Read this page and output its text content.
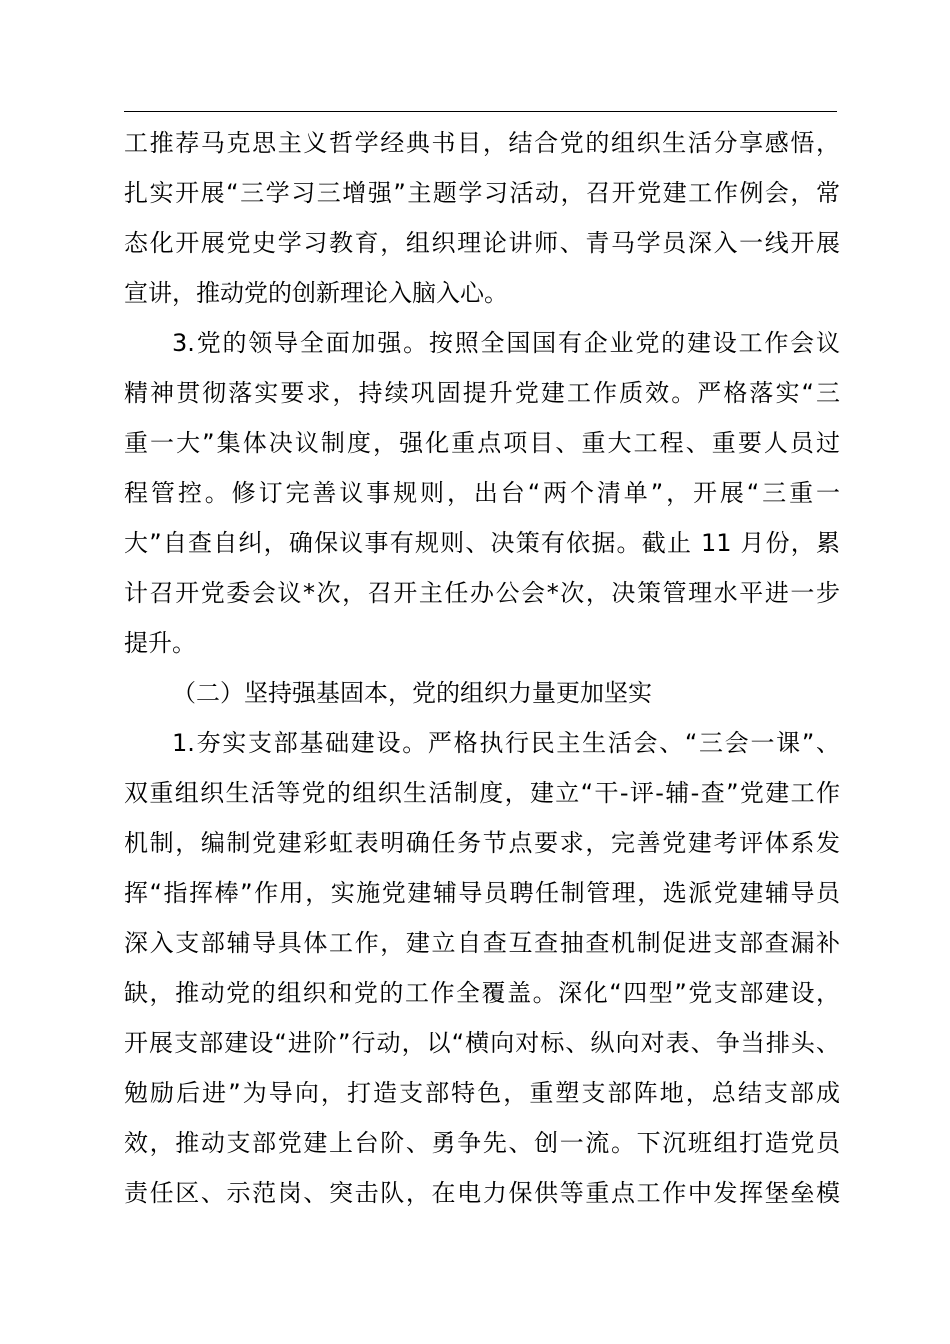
工推荐马克思主义哲学经典书目，结合党的组织生活分享感悟，
扎实开展“三学习三增强”主题学习活动，召开党建工作例会，常
态化开展党史学习教育，组织理论讲师、青马学员深入一线开展
宣讲，推动党的创新理论入脑入心。
3.党的领导全面加强。按照全国国有企业党的建设工作会议
精神贯彻落实要求，持续巩固提升党建工作质效。严格落实“三
重一大”集体决议制度，强化重点项目、重大工程、重要人员过
程管控。修订完善议事规则，出台“两个清单”，开展“三重一
大”自查自纠，确保议事有规则、决策有依据。截止 11 月份，累
计召开党委会议*次，召开主任办公会*次，决策管理水平进一步
提升。
（二）坚持强基固本，党的组织力量更加坚实
1.夯实支部基础建设。严格执行民主生活会、“三会一课”、
双重组织生活等党的组织生活制度，建立“干-评-辅-查”党建工作
机制，编制党建彩虹表明确任务节点要求，完善党建考评体系发
挥“指挥棒”作用，实施党建辅导员聘任制管理，选派党建辅导员
深入支部辅导具体工作，建立自查互查抽查机制促进支部查漏补
缺，推动党的组织和党的工作全覆盖。深化“四型”党支部建设，
开展支部建设“进阶”行动，以“横向对标、纵向对表、争当排头、
勉励后进”为导向，打造支部特色，重塑支部阵地，总结支部成
效，推动支部党建上台阶、勇争先、创一流。下沉班组打造党员
责任区、示范岗、突击队，在电力保供等重点工作中发挥堡垒模
